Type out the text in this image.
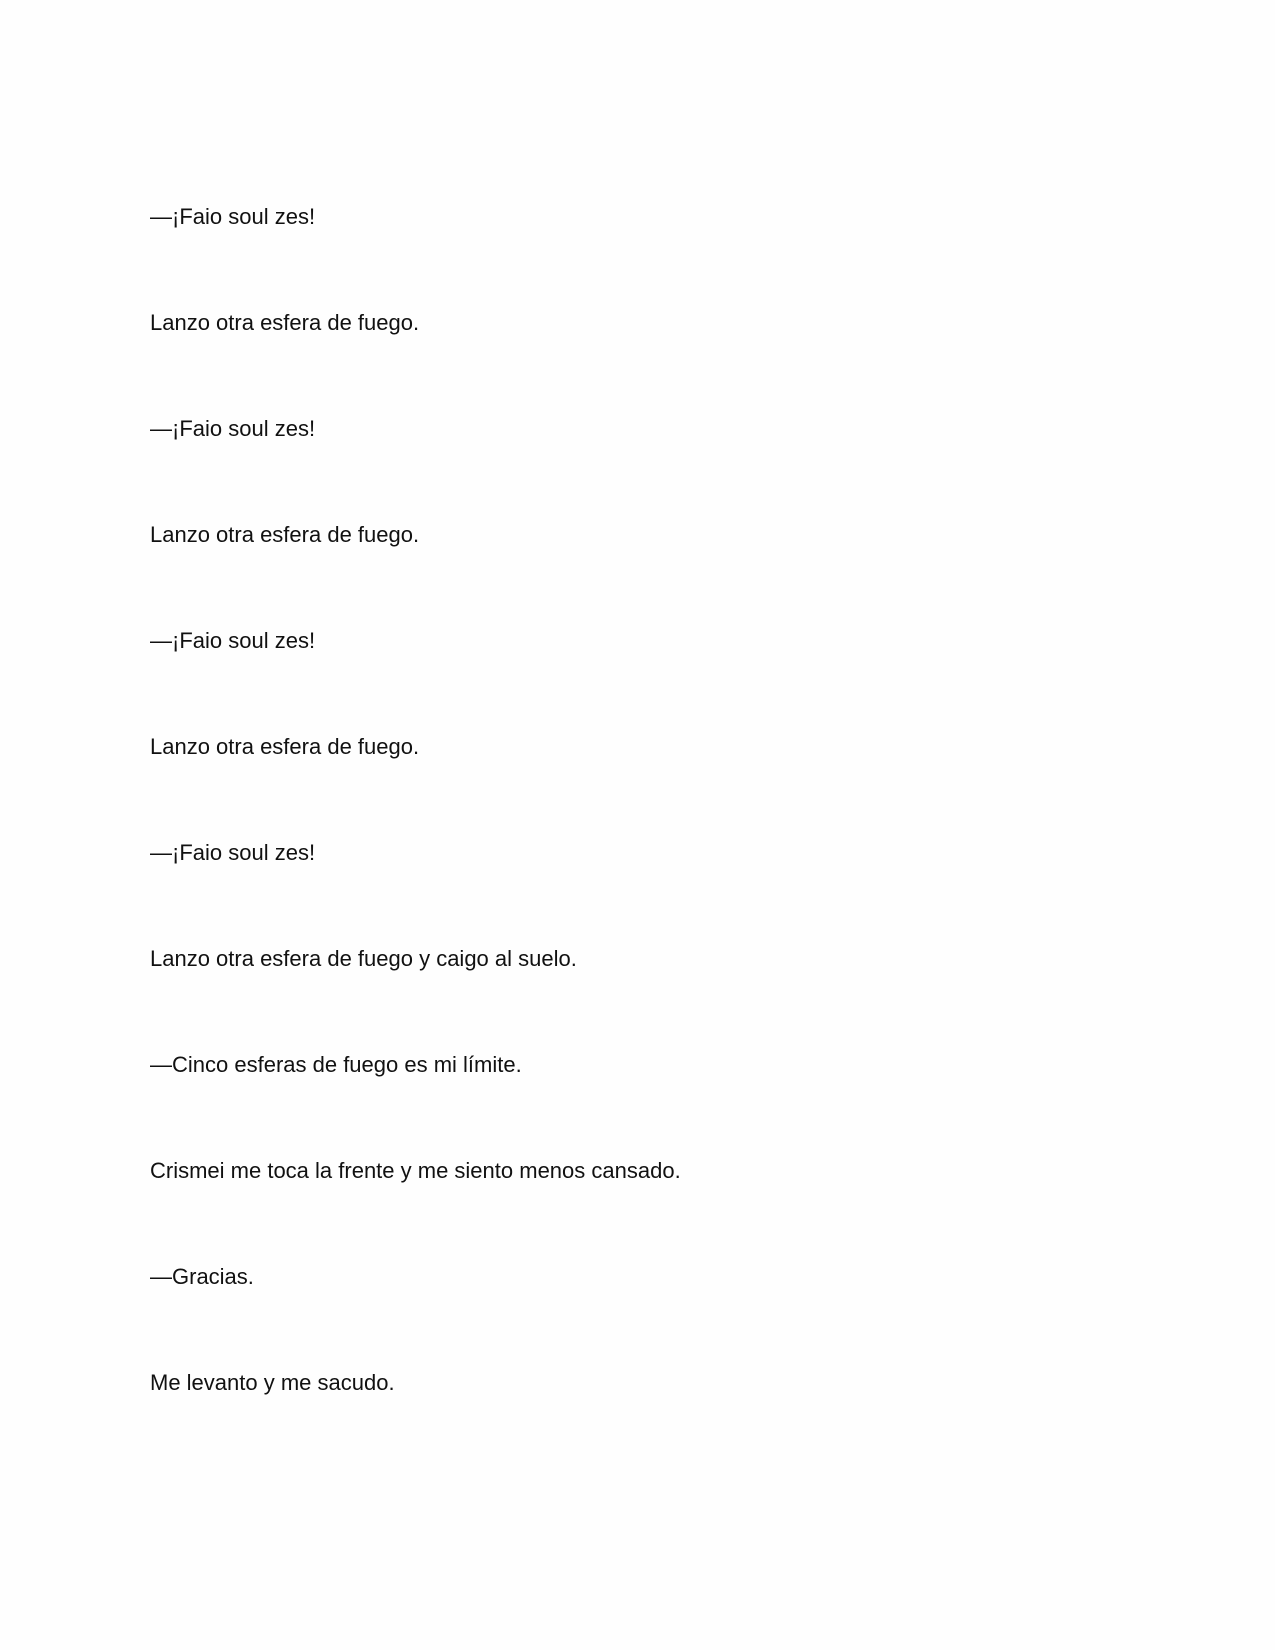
—¡Faio soul zes!

Lanzo otra esfera de fuego.

—¡Faio soul zes!

Lanzo otra esfera de fuego.

—¡Faio soul zes!

Lanzo otra esfera de fuego.

—¡Faio soul zes!

Lanzo otra esfera de fuego y caigo al suelo.

—Cinco esferas de fuego es mi límite.

Crismei me toca la frente y me siento menos cansado.

—Gracias.

Me levanto y me sacudo.
